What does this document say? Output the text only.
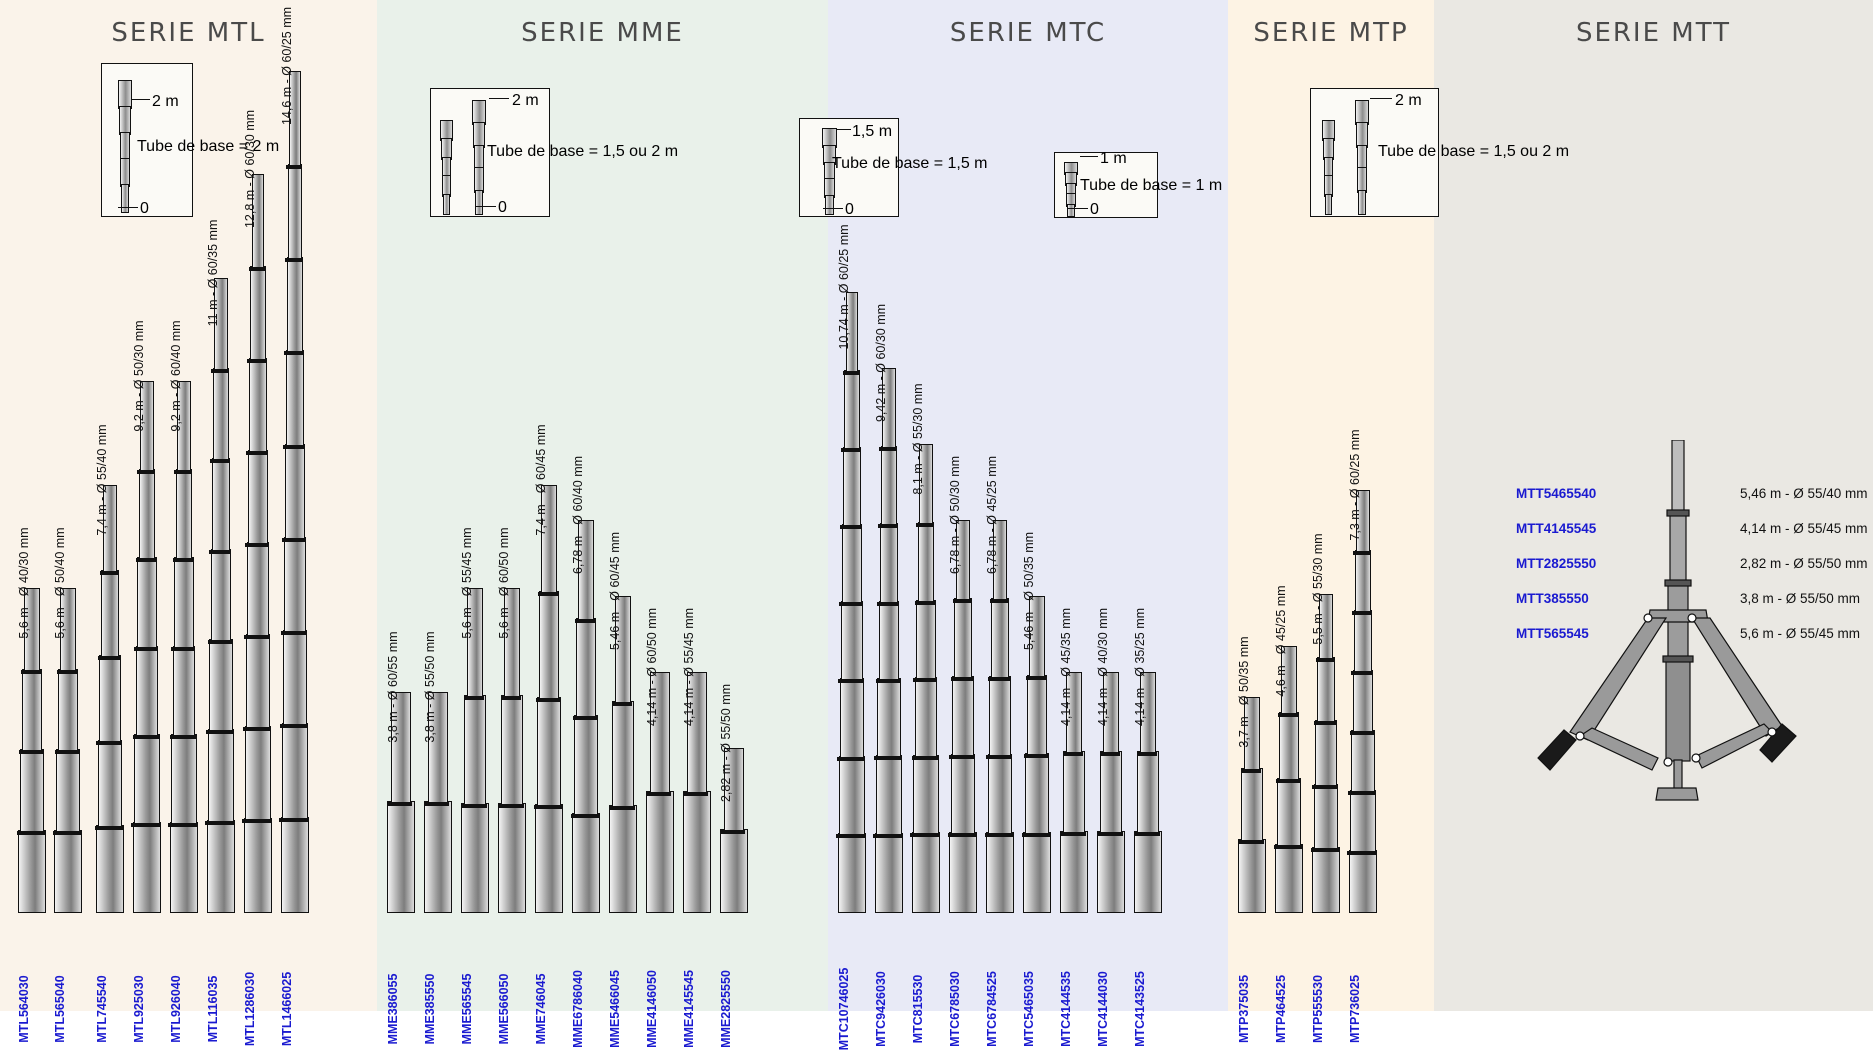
SERIE MTL	SERIE MME	SERIE MTC	SERIE MTP	SERIE MTT
2 m
0
Tube de base = 2 m
2 m
0
Tube de base = 1,5 ou 2 m
1,5 m
0
Tube de base = 1,5 m	1 m
0
Tube de base = 1 m
2 m
Tube de base = 1,5 ou 2 m
MTL564030
5,6 m - Ø 40/30 mm
MTL565040
5,6 m - Ø 50/40 mm
MTL745540
7,4 m - Ø 55/40 mm
MTL925030
9,2 m - Ø 50/30 mm
MTL926040
9,2 m - Ø 60/40 mm
MTL116035
11 m - Ø 60/35 mm
MTL1286030
12,8 m - Ø 60/30 mm
MTL1466025
14,6 m - Ø 60/25 mm
MME386055
3,8 m - Ø 60/55 mm
MME385550
3,8 m - Ø 55/50 mm
MME565545
5,6 m - Ø 55/45 mm
MME566050
5,6 m - Ø 60/50 mm
MME746045
7,4 m - Ø 60/45 mm
MME6786040
6,78 m - Ø 60/40 mm
MME5466045
5,46 m - Ø 60/45 mm
MME4146050
4,14 m - Ø 60/50 mm
MME4145545
4,14 m - Ø 55/45 mm
MME2825550
2,82 m - Ø 55/50 mm
MTC10746025
10,74 m - Ø 60/25 mm
MTC9426030
9,42 m - Ø 60/30 mm
MTC815530
8,1 m - Ø 55/30 mm
MTC6785030
6,78 m - Ø 50/30 mm
MTC6784525
6,78 m - Ø 45/25 mm
MTC5465035
5,46 m - Ø 50/35 mm
MTC4144535
4,14 m - Ø 45/35 mm
MTC4144030
4,14 m - Ø 40/30 mm
MTC4143525
4,14 m - Ø 35/25 mm
MTP375035
3,7 m - Ø 50/35 mm
MTP464525
4,6 m - Ø 45/25 mm
MTP555530
5,5 m - Ø 55/30 mm
MTP736025
7,3 m - Ø 60/25 mm	MTT5465540	5,46 m - Ø 55/40 mm
MTT4145545	4,14 m - Ø 55/45 mm
MTT2825550	2,82 m - Ø 55/50 mm
MTT385550	3,8 m - Ø 55/50 mm
MTT565545	5,6 m - Ø 55/45 mm
